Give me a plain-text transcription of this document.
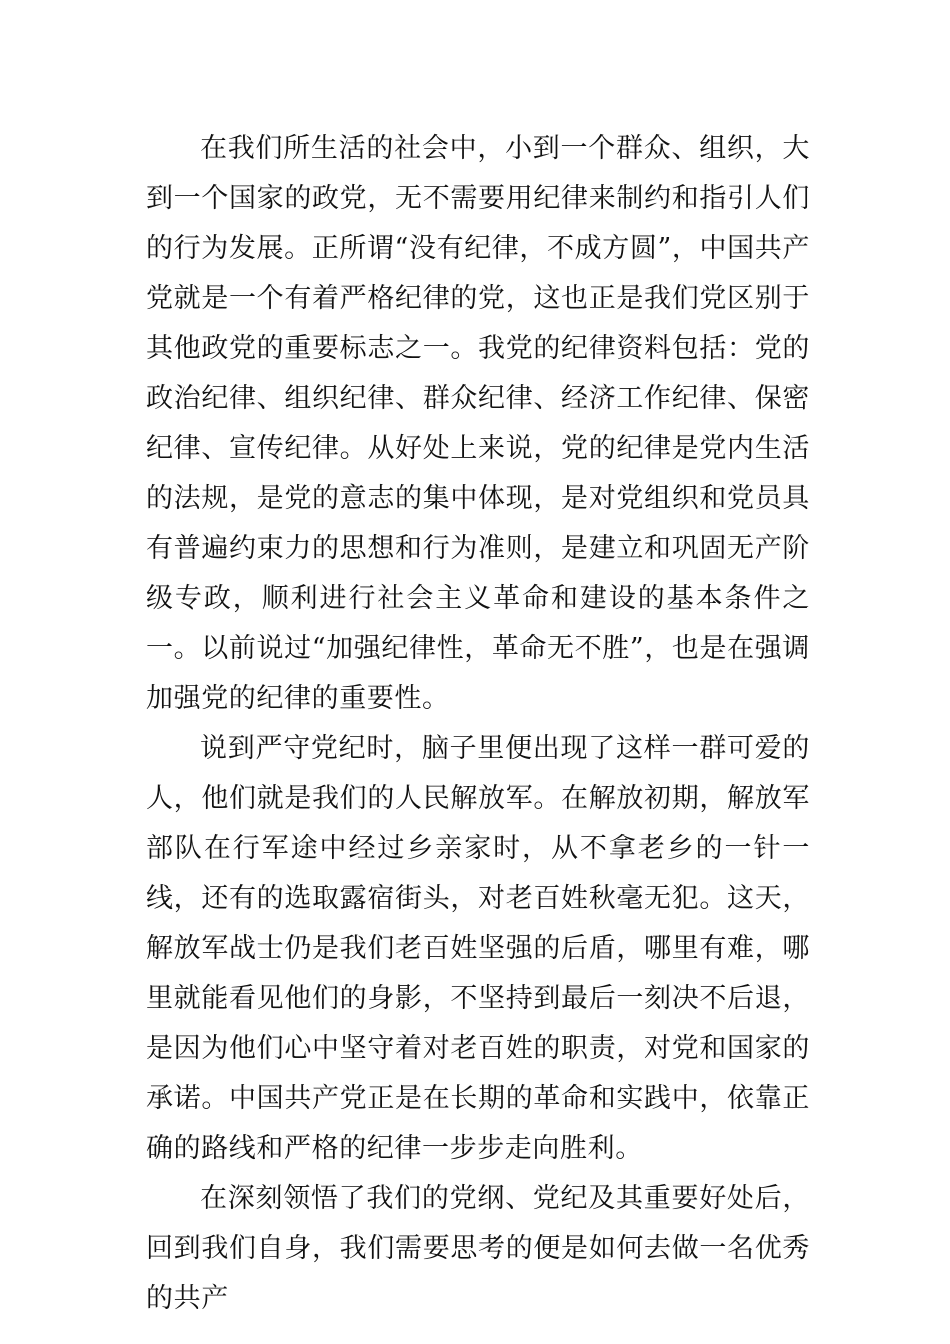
在我们所生活的社会中，小到一个群众、组织，大到一个国家的政党，无不需要用纪律来制约和指引人们的行为发展。正所谓“没有纪律，不成方圆”，中国共产党就是一个有着严格纪律的党，这也正是我们党区别于其他政党的重要标志之一。我党的纪律资料包括：党的政治纪律、组织纪律、群众纪律、经济工作纪律、保密纪律、宣传纪律。从好处上来说，党的纪律是党内生活的法规，是党的意志的集中体现，是对党组织和党员具有普遍约束力的思想和行为准则，是建立和巩固无产阶级专政，顺利进行社会主义革命和建设的基本条件之一。以前说过“加强纪律性，革命无不胜”，也是在强调加强党的纪律的重要性。

说到严守党纪时，脑子里便出现了这样一群可爱的人，他们就是我们的人民解放军。在解放初期，解放军部队在行军途中经过乡亲家时，从不拿老乡的一针一线，还有的选取露宿街头，对老百姓秋毫无犯。这天，解放军战士仍是我们老百姓坚强的后盾，哪里有难，哪里就能看见他们的身影，不坚持到最后一刻决不后退，是因为他们心中坚守着对老百姓的职责，对党和国家的承诺。中国共产党正是在长期的革命和实践中，依靠正确的路线和严格的纪律一步步走向胜利。

在深刻领悟了我们的党纲、党纪及其重要好处后，回到我们自身，我们需要思考的便是如何去做一名优秀的共产
